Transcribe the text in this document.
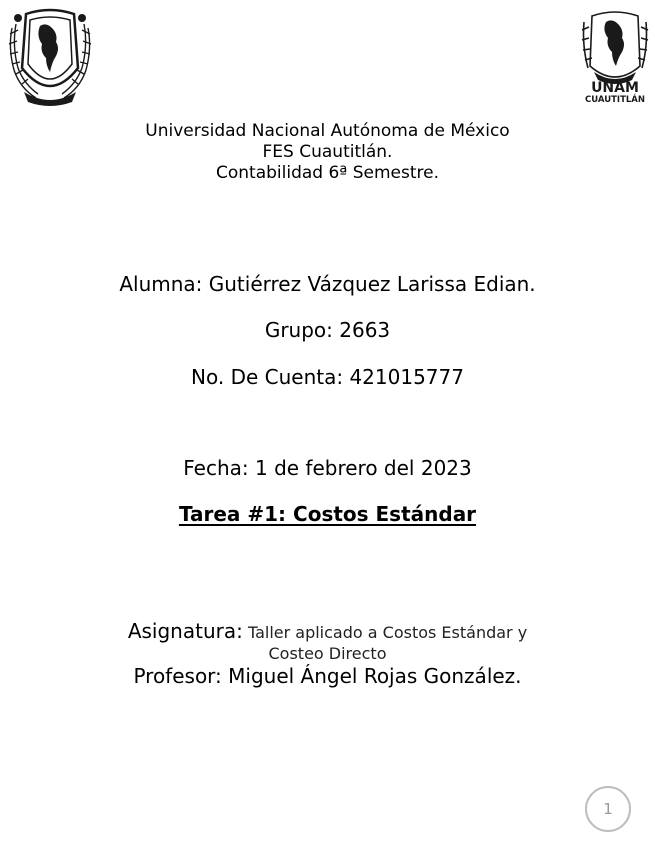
UNAM
CUAUTITLÁN
Universidad Nacional Autónoma de México
FES Cuautitlán.
Contabilidad 6ª Semestre.
Alumna: Gutiérrez Vázquez Larissa Edian.
Grupo: 2663
No. De Cuenta: 421015777
Fecha: 1 de febrero del 2023
Tarea #1: Costos Estándar
Asignatura: Taller aplicado a Costos Estándar y
Costeo Directo
Profesor: Miguel Ángel Rojas González.
1
